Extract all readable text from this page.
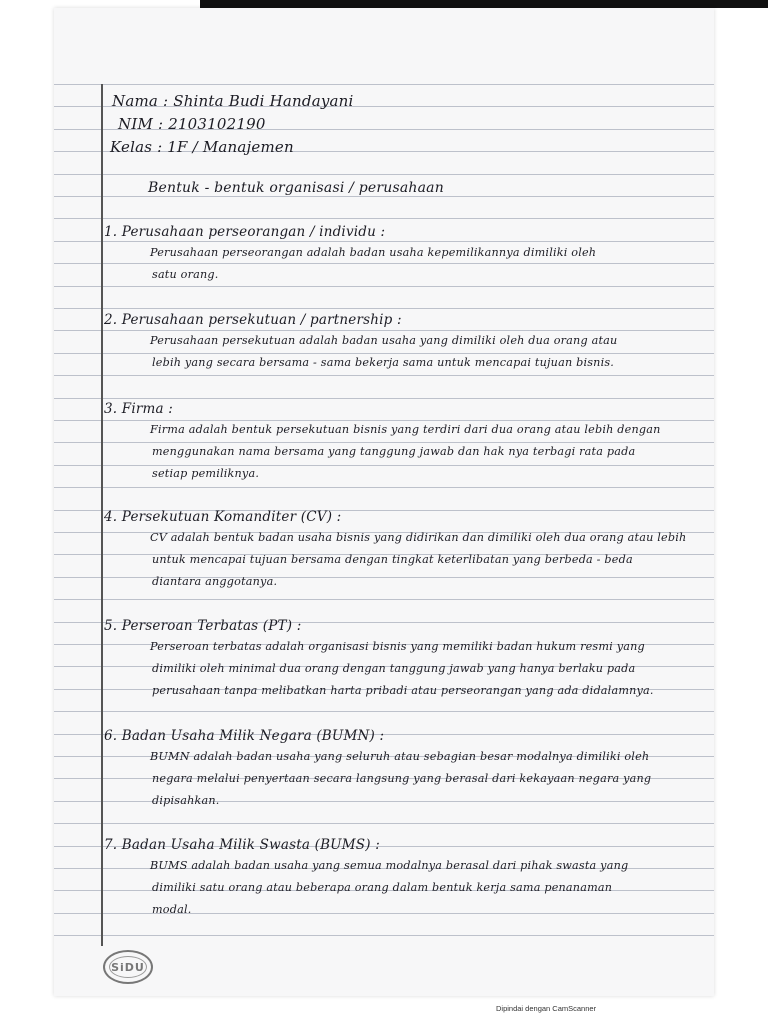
Nama : Shinta Budi Handayani
NIM : 2103102190
Kelas : 1F / Manajemen
Bentuk - bentuk organisasi / perusahaan
1. Perusahaan perseorangan / individu :
Perusahaan perseorangan adalah badan usaha kepemilikannya dimiliki oleh
satu orang.
2. Perusahaan persekutuan / partnership :
Perusahaan persekutuan adalah badan usaha yang dimiliki oleh dua orang atau
lebih yang secara bersama - sama bekerja sama untuk mencapai tujuan bisnis.
3. Firma :
Firma adalah bentuk persekutuan bisnis yang terdiri dari dua orang atau lebih dengan
menggunakan nama bersama yang tanggung jawab dan hak nya terbagi rata pada
setiap pemiliknya.
4. Persekutuan Komanditer (CV) :
CV adalah bentuk badan usaha bisnis yang didirikan dan dimiliki oleh dua orang atau lebih
untuk mencapai tujuan bersama dengan tingkat keterlibatan yang berbeda - beda
diantara anggotanya.
5. Perseroan Terbatas (PT) :
Perseroan terbatas adalah organisasi bisnis yang memiliki badan hukum resmi yang
dimiliki oleh minimal dua orang dengan tanggung jawab yang hanya berlaku pada
perusahaan tanpa melibatkan harta pribadi atau perseorangan yang ada didalamnya.
6. Badan Usaha Milik Negara (BUMN) :
BUMN adalah badan usaha yang seluruh atau sebagian besar modalnya dimiliki oleh
negara melalui penyertaan secara langsung yang berasal dari kekayaan negara yang
dipisahkan.
7. Badan Usaha Milik Swasta (BUMS) :
BUMS adalah badan usaha yang semua modalnya berasal dari pihak swasta yang
dimiliki satu orang atau beberapa orang dalam bentuk kerja sama penanaman
modal.
SiDU
Dipindai dengan CamScanner
